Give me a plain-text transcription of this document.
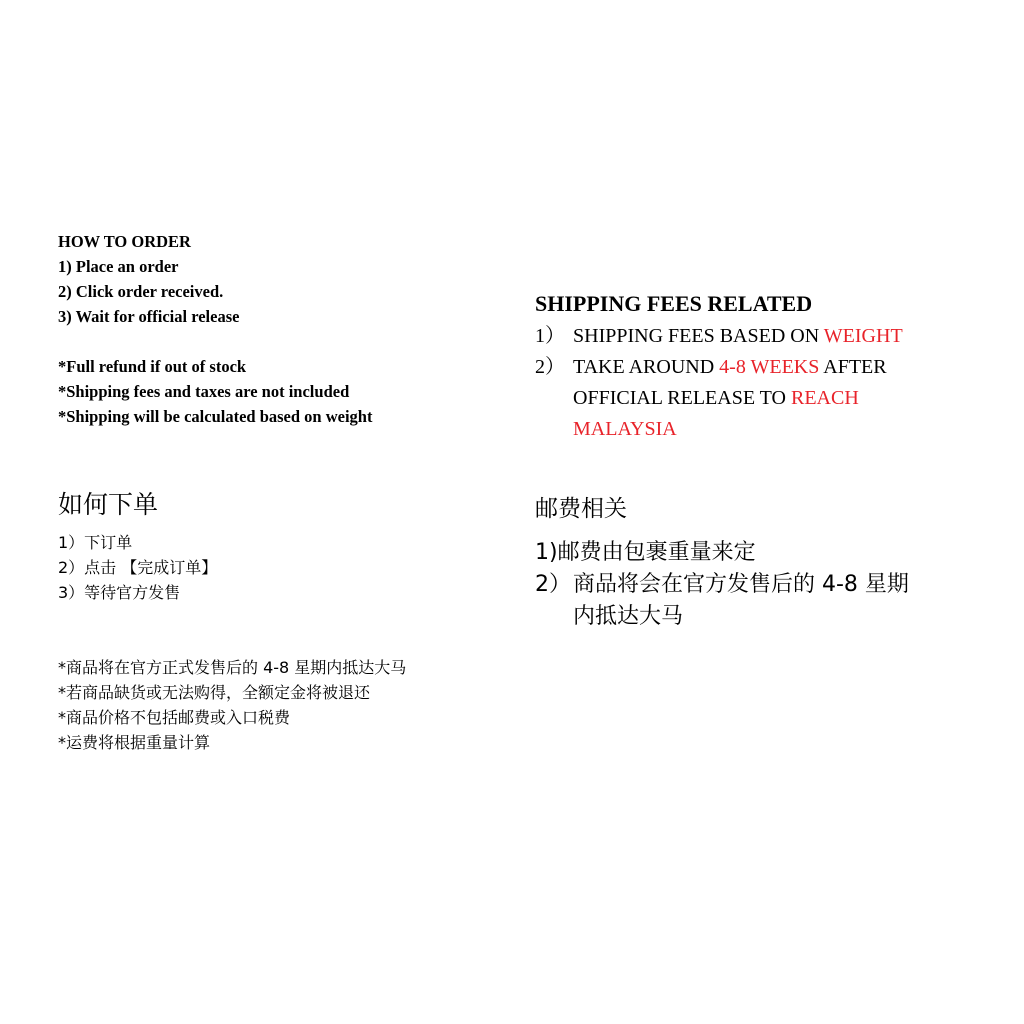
HOW TO ORDER
1) Place an order
2) Click order received.
3) Wait for official release
*Full refund if out of stock
*Shipping fees and taxes are not included
*Shipping will be calculated based on weight
如何下单
1）下订单
2）点击 【完成订单】
3）等待官方发售
*商品将在官方正式发售后的 4-8 星期内抵达大马
*若商品缺货或无法购得，全额定金将被退还
*商品价格不包括邮费或入口税费
*运费将根据重量计算
SHIPPING FEES RELATED
1） SHIPPING FEES BASED ON WEIGHT
2） TAKE AROUND 4-8 WEEKS AFTER
OFFICIAL RELEASE TO REACH
MALAYSIA
邮费相关
1)邮费由包裹重量来定
2） 商品将会在官方发售后的 4-8 星期
内抵达大马
